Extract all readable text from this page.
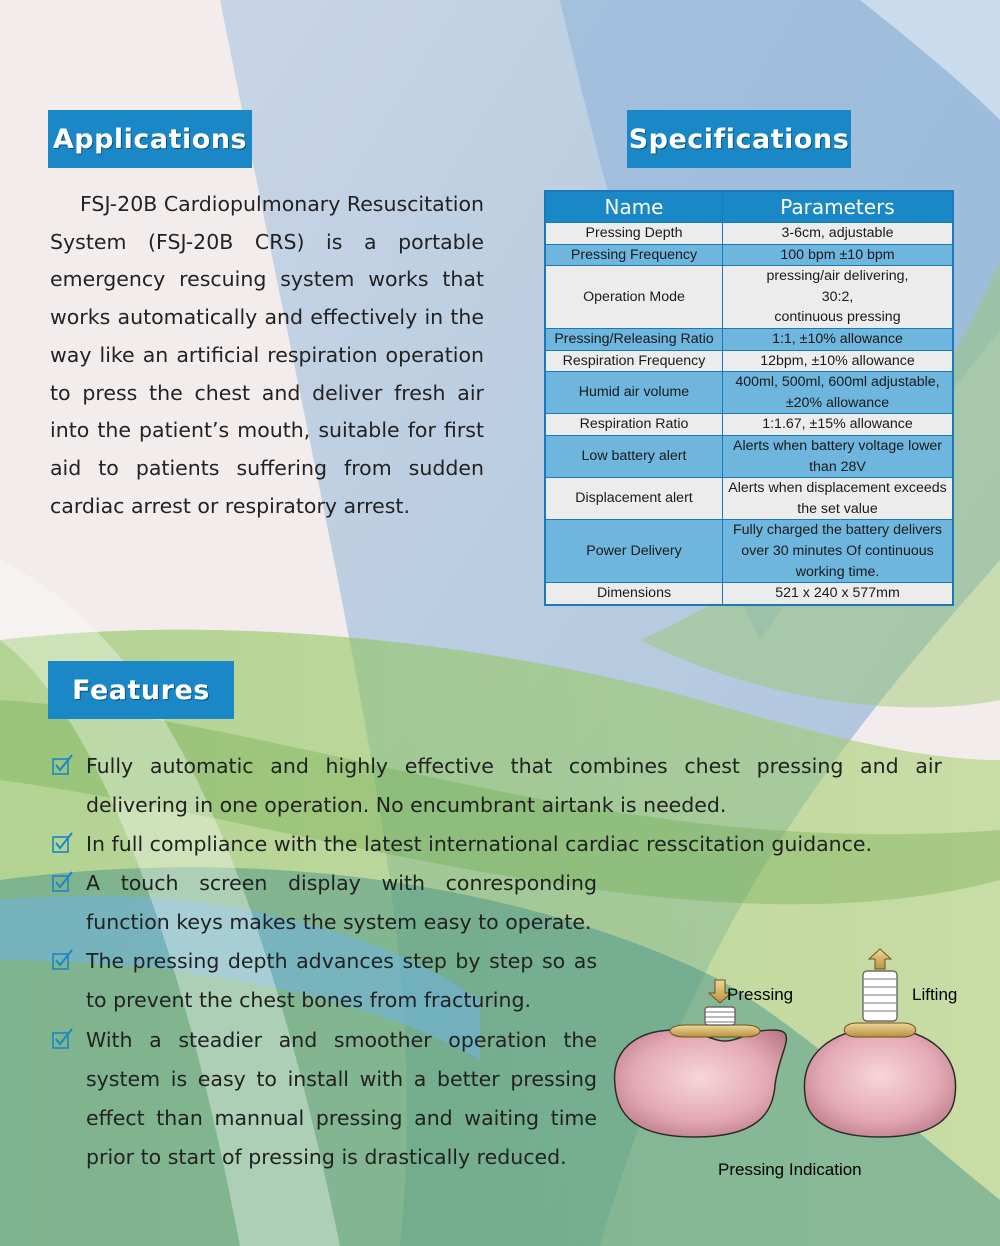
Applications
FSJ-20B Cardiopulmonary Resuscitation System (FSJ-20B CRS) is a portable emergency rescuing system works that works automatically and effectively in the way like an artificial respiration operation to press the chest and deliver fresh air into the patient’s mouth, suitable for first aid to patients suffering from sudden cardiac arrest or respiratory arrest.
Specifications
Name	Parameters
Pressing Depth	3-6cm, adjustable
Pressing Frequency	100 bpm ±10 bpm
Operation Mode	pressing/air delivering,
30:2,
continuous pressing
Pressing/Releasing Ratio	1:1, ±10% allowance
Respiration Frequency	12bpm, ±10% allowance
Humid air volume	400ml, 500ml, 600ml adjustable,
±20% allowance
Respiration Ratio	1:1.67, ±15% allowance
Low battery alert	Alerts when battery voltage lower
than 28V
Displacement alert	Alerts when displacement exceeds
the set value
Power Delivery	Fully charged the battery delivers
over 30 minutes Of continuous
working time.
Dimensions	521 x 240 x 577mm
Features
Fully automatic and highly effective that combines chest pressing and air delivering in one operation. No encumbrant airtank is needed.
In full compliance with the latest international cardiac resscitation guidance.
A touch screen display with conresponding function keys makes the system easy to operate.
The pressing depth advances step by step so as to prevent the chest bones from fracturing.
With a steadier and smoother operation the system is easy to install with a better pressing effect than mannual pressing and waiting time prior to start of pressing is drastically reduced.
Pressing	Lifting
Pressing Indication
